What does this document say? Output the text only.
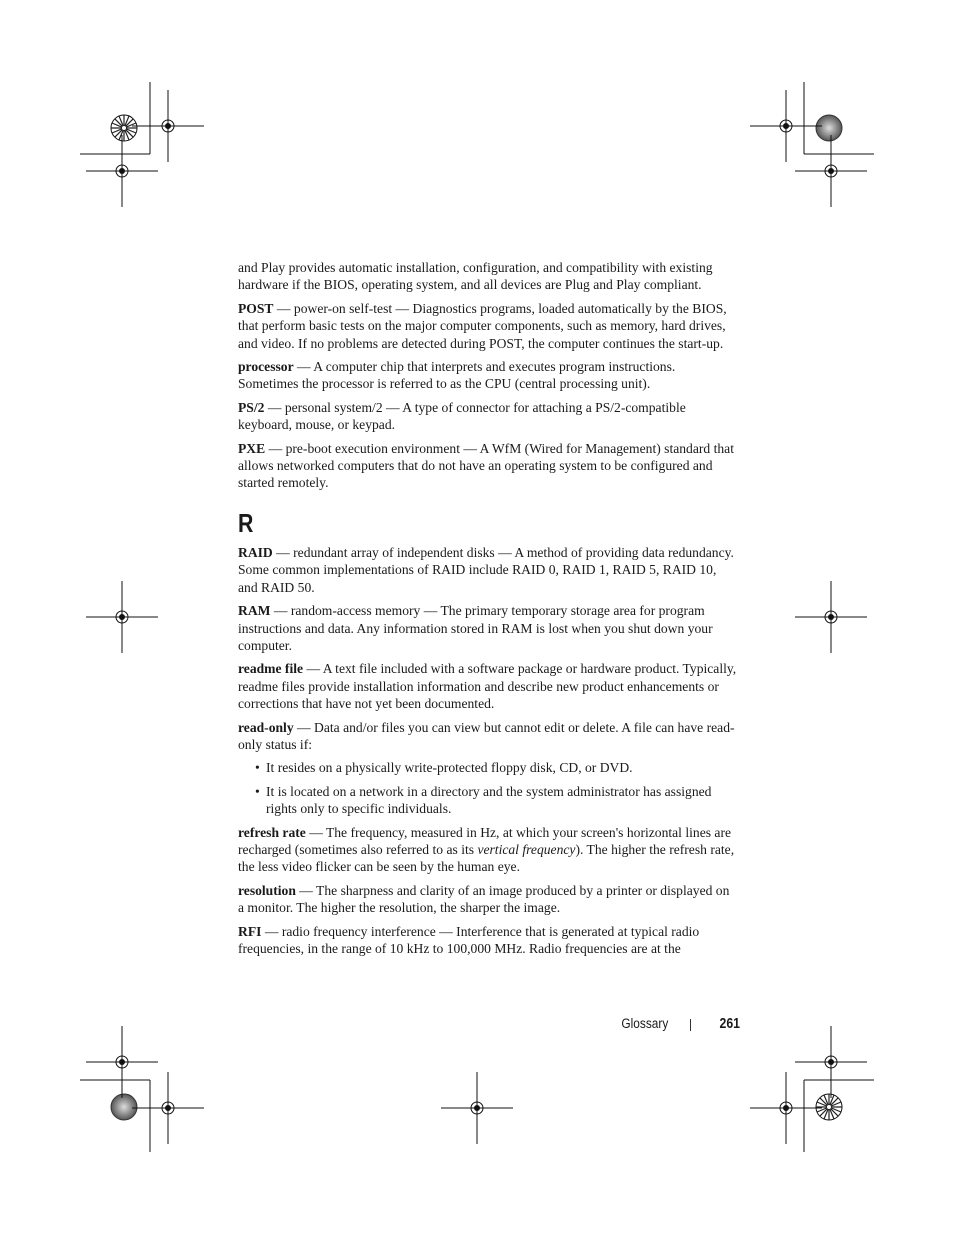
and Play provides automatic installation, configuration, and compatibility with existing hardware if the BIOS, operating system, and all devices are Plug and Play compliant.

POST — power-on self-test — Diagnostics programs, loaded automatically by the BIOS, that perform basic tests on the major computer components, such as memory, hard drives, and video. If no problems are detected during POST, the computer continues the start-up.

processor — A computer chip that interprets and executes program instructions. Sometimes the processor is referred to as the CPU (central processing unit).

PS/2 — personal system/2 — A type of connector for attaching a PS/2-compatible keyboard, mouse, or keypad.

PXE — pre-boot execution environment — A WfM (Wired for Management) standard that allows networked computers that do not have an operating system to be configured and started remotely.

R

RAID — redundant array of independent disks — A method of providing data redundancy. Some common implementations of RAID include RAID 0, RAID 1, RAID 5, RAID 10, and RAID 50.

RAM — random-access memory — The primary temporary storage area for program instructions and data. Any information stored in RAM is lost when you shut down your computer.

readme file — A text file included with a software package or hardware product. Typically, readme files provide installation information and describe new product enhancements or corrections that have not yet been documented.

read-only — Data and/or files you can view but cannot edit or delete. A file can have read-only status if:

• It resides on a physically write-protected floppy disk, CD, or DVD.
• It is located on a network in a directory and the system administrator has assigned rights only to specific individuals.

refresh rate — The frequency, measured in Hz, at which your screen's horizontal lines are recharged (sometimes also referred to as its vertical frequency). The higher the refresh rate, the less video flicker can be seen by the human eye.

resolution — The sharpness and clarity of an image produced by a printer or displayed on a monitor. The higher the resolution, the sharper the image.

RFI — radio frequency interference — Interference that is generated at typical radio frequencies, in the range of 10 kHz to 100,000 MHz. Radio frequencies are at the

Glossary	261
